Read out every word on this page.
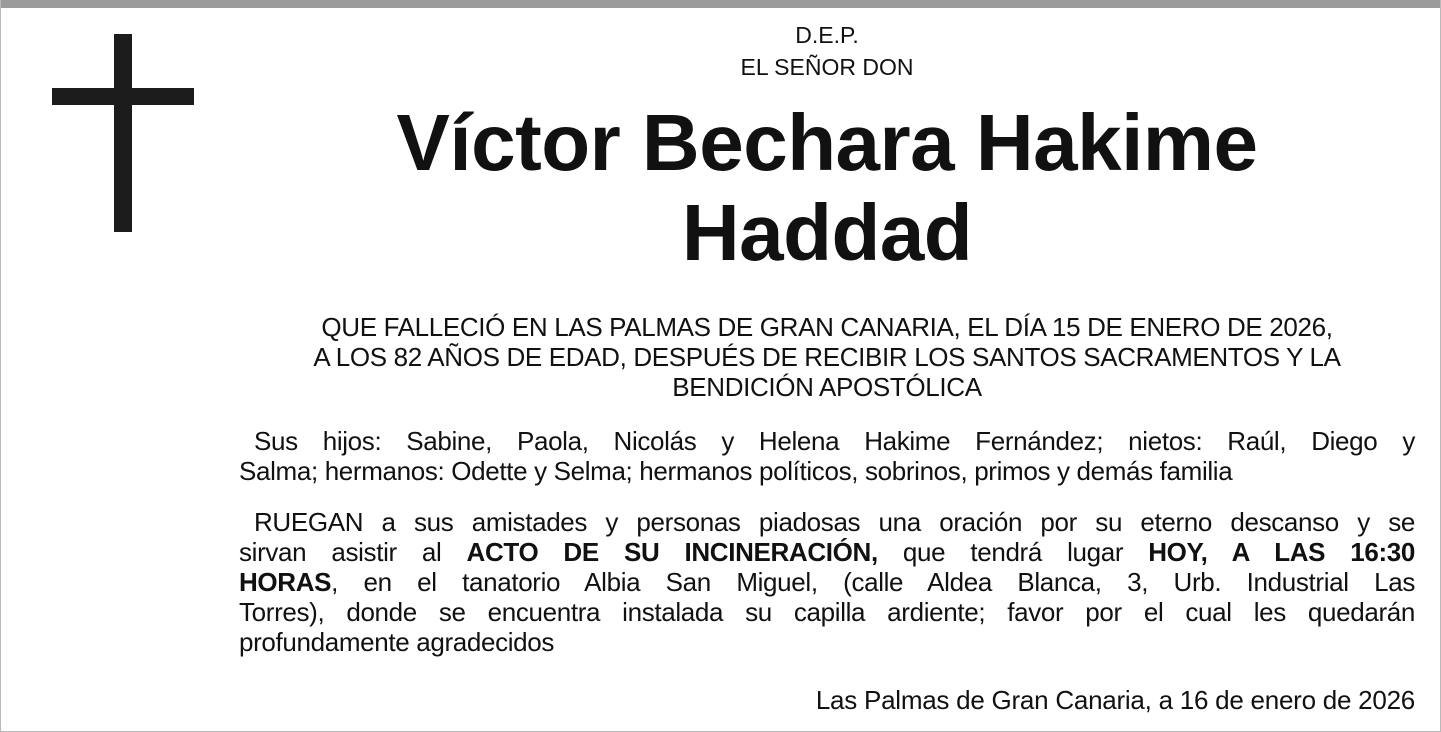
D.E.P.
EL SEÑOR DON
Víctor Bechara Hakime
Haddad
QUE FALLECIÓ EN LAS PALMAS DE GRAN CANARIA, EL DÍA 15 DE ENERO DE 2026,
A LOS 82 AÑOS DE EDAD, DESPUÉS DE RECIBIR LOS SANTOS SACRAMENTOS Y LA
BENDICIÓN APOSTÓLICA
Sus hijos: Sabine, Paola, Nicolás y Helena Hakime Fernández; nietos: Raúl, Diego y
Salma; hermanos: Odette y Selma; hermanos políticos, sobrinos, primos y demás familia
RUEGAN a sus amistades y personas piadosas una oración por su eterno descanso y se
sirvan asistir al ACTO DE SU INCINERACIÓN, que tendrá lugar HOY, A LAS 16:30
HORAS, en el tanatorio Albia San Miguel, (calle Aldea Blanca, 3, Urb. Industrial Las
Torres), donde se encuentra instalada su capilla ardiente; favor por el cual les quedarán
profundamente agradecidos
Las Palmas de Gran Canaria, a 16 de enero de 2026
